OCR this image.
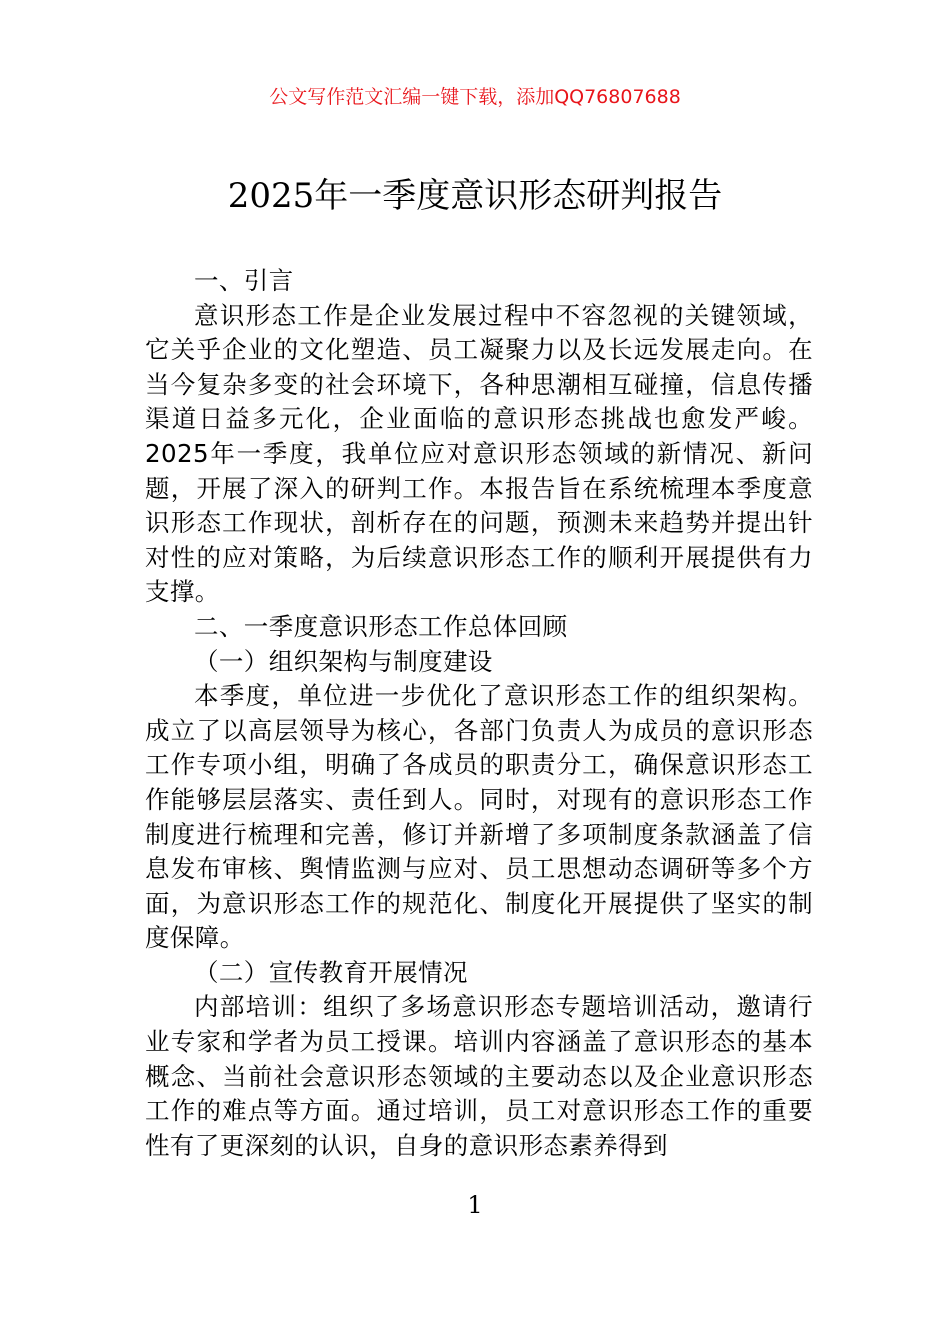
公文写作范文汇编一键下载，添加QQ76807688
2025年一季度意识形态研判报告

一、引言

意识形态工作是企业发展过程中不容忽视的关键领域，它关乎企业的文化塑造、员工凝聚力以及长远发展走向。在当今复杂多变的社会环境下，各种思潮相互碰撞，信息传播渠道日益多元化，企业面临的意识形态挑战也愈发严峻。2025年一季度，我单位应对意识形态领域的新情况、新问题，开展了深入的研判工作。本报告旨在系统梳理本季度意识形态工作现状，剖析存在的问题，预测未来趋势并提出针对性的应对策略，为后续意识形态工作的顺利开展提供有力支撑。

二、一季度意识形态工作总体回顾

（一）组织架构与制度建设

本季度，单位进一步优化了意识形态工作的组织架构。成立了以高层领导为核心，各部门负责人为成员的意识形态工作专项小组，明确了各成员的职责分工，确保意识形态工作能够层层落实、责任到人。同时，对现有的意识形态工作制度进行梳理和完善，修订并新增了多项制度条款涵盖了信息发布审核、舆情监测与应对、员工思想动态调研等多个方面，为意识形态工作的规范化、制度化开展提供了坚实的制度保障。

（二）宣传教育开展情况

内部培训：组织了多场意识形态专题培训活动，邀请行业专家和学者为员工授课。培训内容涵盖了意识形态的基本概念、当前社会意识形态领域的主要动态以及企业意识形态工作的难点等方面。通过培训，员工对意识形态工作的重要性有了更深刻的认识，自身的意识形态素养得到

1
